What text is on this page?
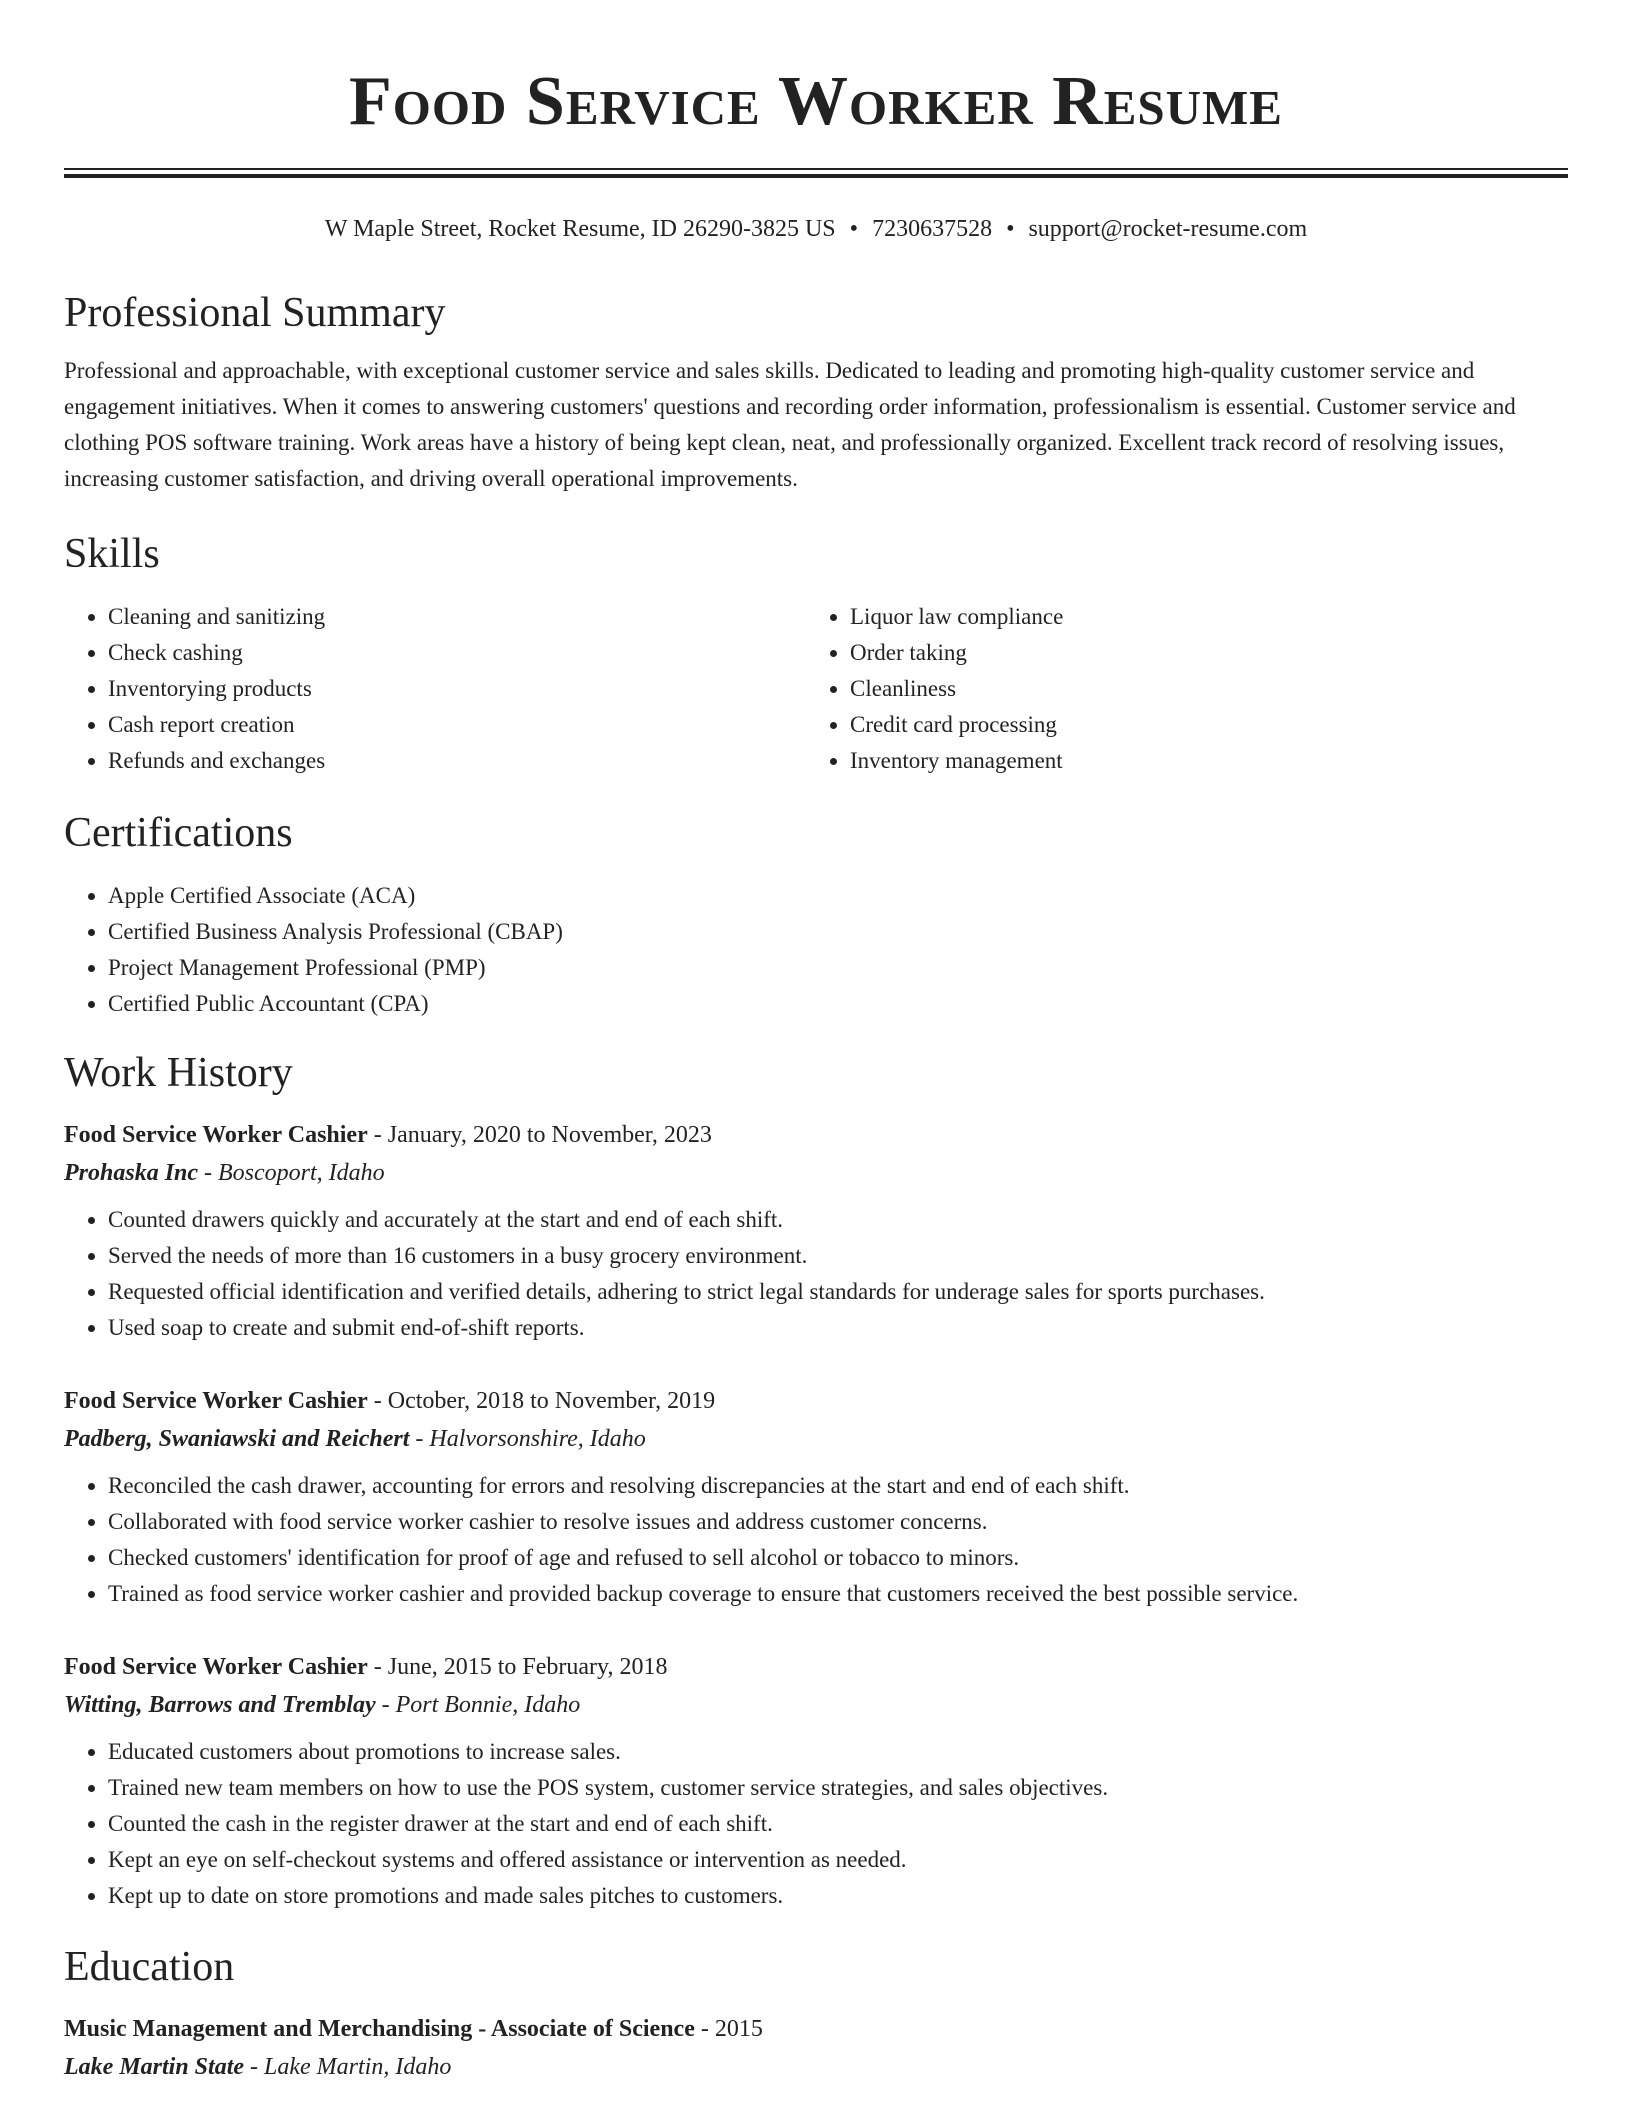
Food Service Worker Resume
W Maple Street, Rocket Resume, ID 26290-3825 US • 7230637528 • support@rocket-resume.com
Professional Summary

Professional and approachable, with exceptional customer service and sales skills. Dedicated to leading and promoting high-quality customer service and engagement initiatives. When it comes to answering customers' questions and recording order information, professionalism is essential. Customer service and clothing POS software training. Work areas have a history of being kept clean, neat, and professionally organized. Excellent track record of resolving issues, increasing customer satisfaction, and driving overall operational improvements.

Skills
• Cleaning and sanitizing
• Check cashing
• Inventorying products
• Cash report creation
• Refunds and exchanges
• Liquor law compliance
• Order taking
• Cleanliness
• Credit card processing
• Inventory management
Certifications
• Apple Certified Associate (ACA)
• Certified Business Analysis Professional (CBAP)
• Project Management Professional (PMP)
• Certified Public Accountant (CPA)
Work History
Food Service Worker Cashier - January, 2020 to November, 2023
Prohaska Inc - Boscoport, Idaho
• Counted drawers quickly and accurately at the start and end of each shift.
• Served the needs of more than 16 customers in a busy grocery environment.
• Requested official identification and verified details, adhering to strict legal standards for underage sales for sports purchases.
• Used soap to create and submit end-of-shift reports.
Food Service Worker Cashier - October, 2018 to November, 2019
Padberg, Swaniawski and Reichert - Halvorsonshire, Idaho
• Reconciled the cash drawer, accounting for errors and resolving discrepancies at the start and end of each shift.
• Collaborated with food service worker cashier to resolve issues and address customer concerns.
• Checked customers' identification for proof of age and refused to sell alcohol or tobacco to minors.
• Trained as food service worker cashier and provided backup coverage to ensure that customers received the best possible service.
Food Service Worker Cashier - June, 2015 to February, 2018
Witting, Barrows and Tremblay - Port Bonnie, Idaho
• Educated customers about promotions to increase sales.
• Trained new team members on how to use the POS system, customer service strategies, and sales objectives.
• Counted the cash in the register drawer at the start and end of each shift.
• Kept an eye on self-checkout systems and offered assistance or intervention as needed.
• Kept up to date on store promotions and made sales pitches to customers.
Education
Music Management and Merchandising - Associate of Science - 2015
Lake Martin State - Lake Martin, Idaho
